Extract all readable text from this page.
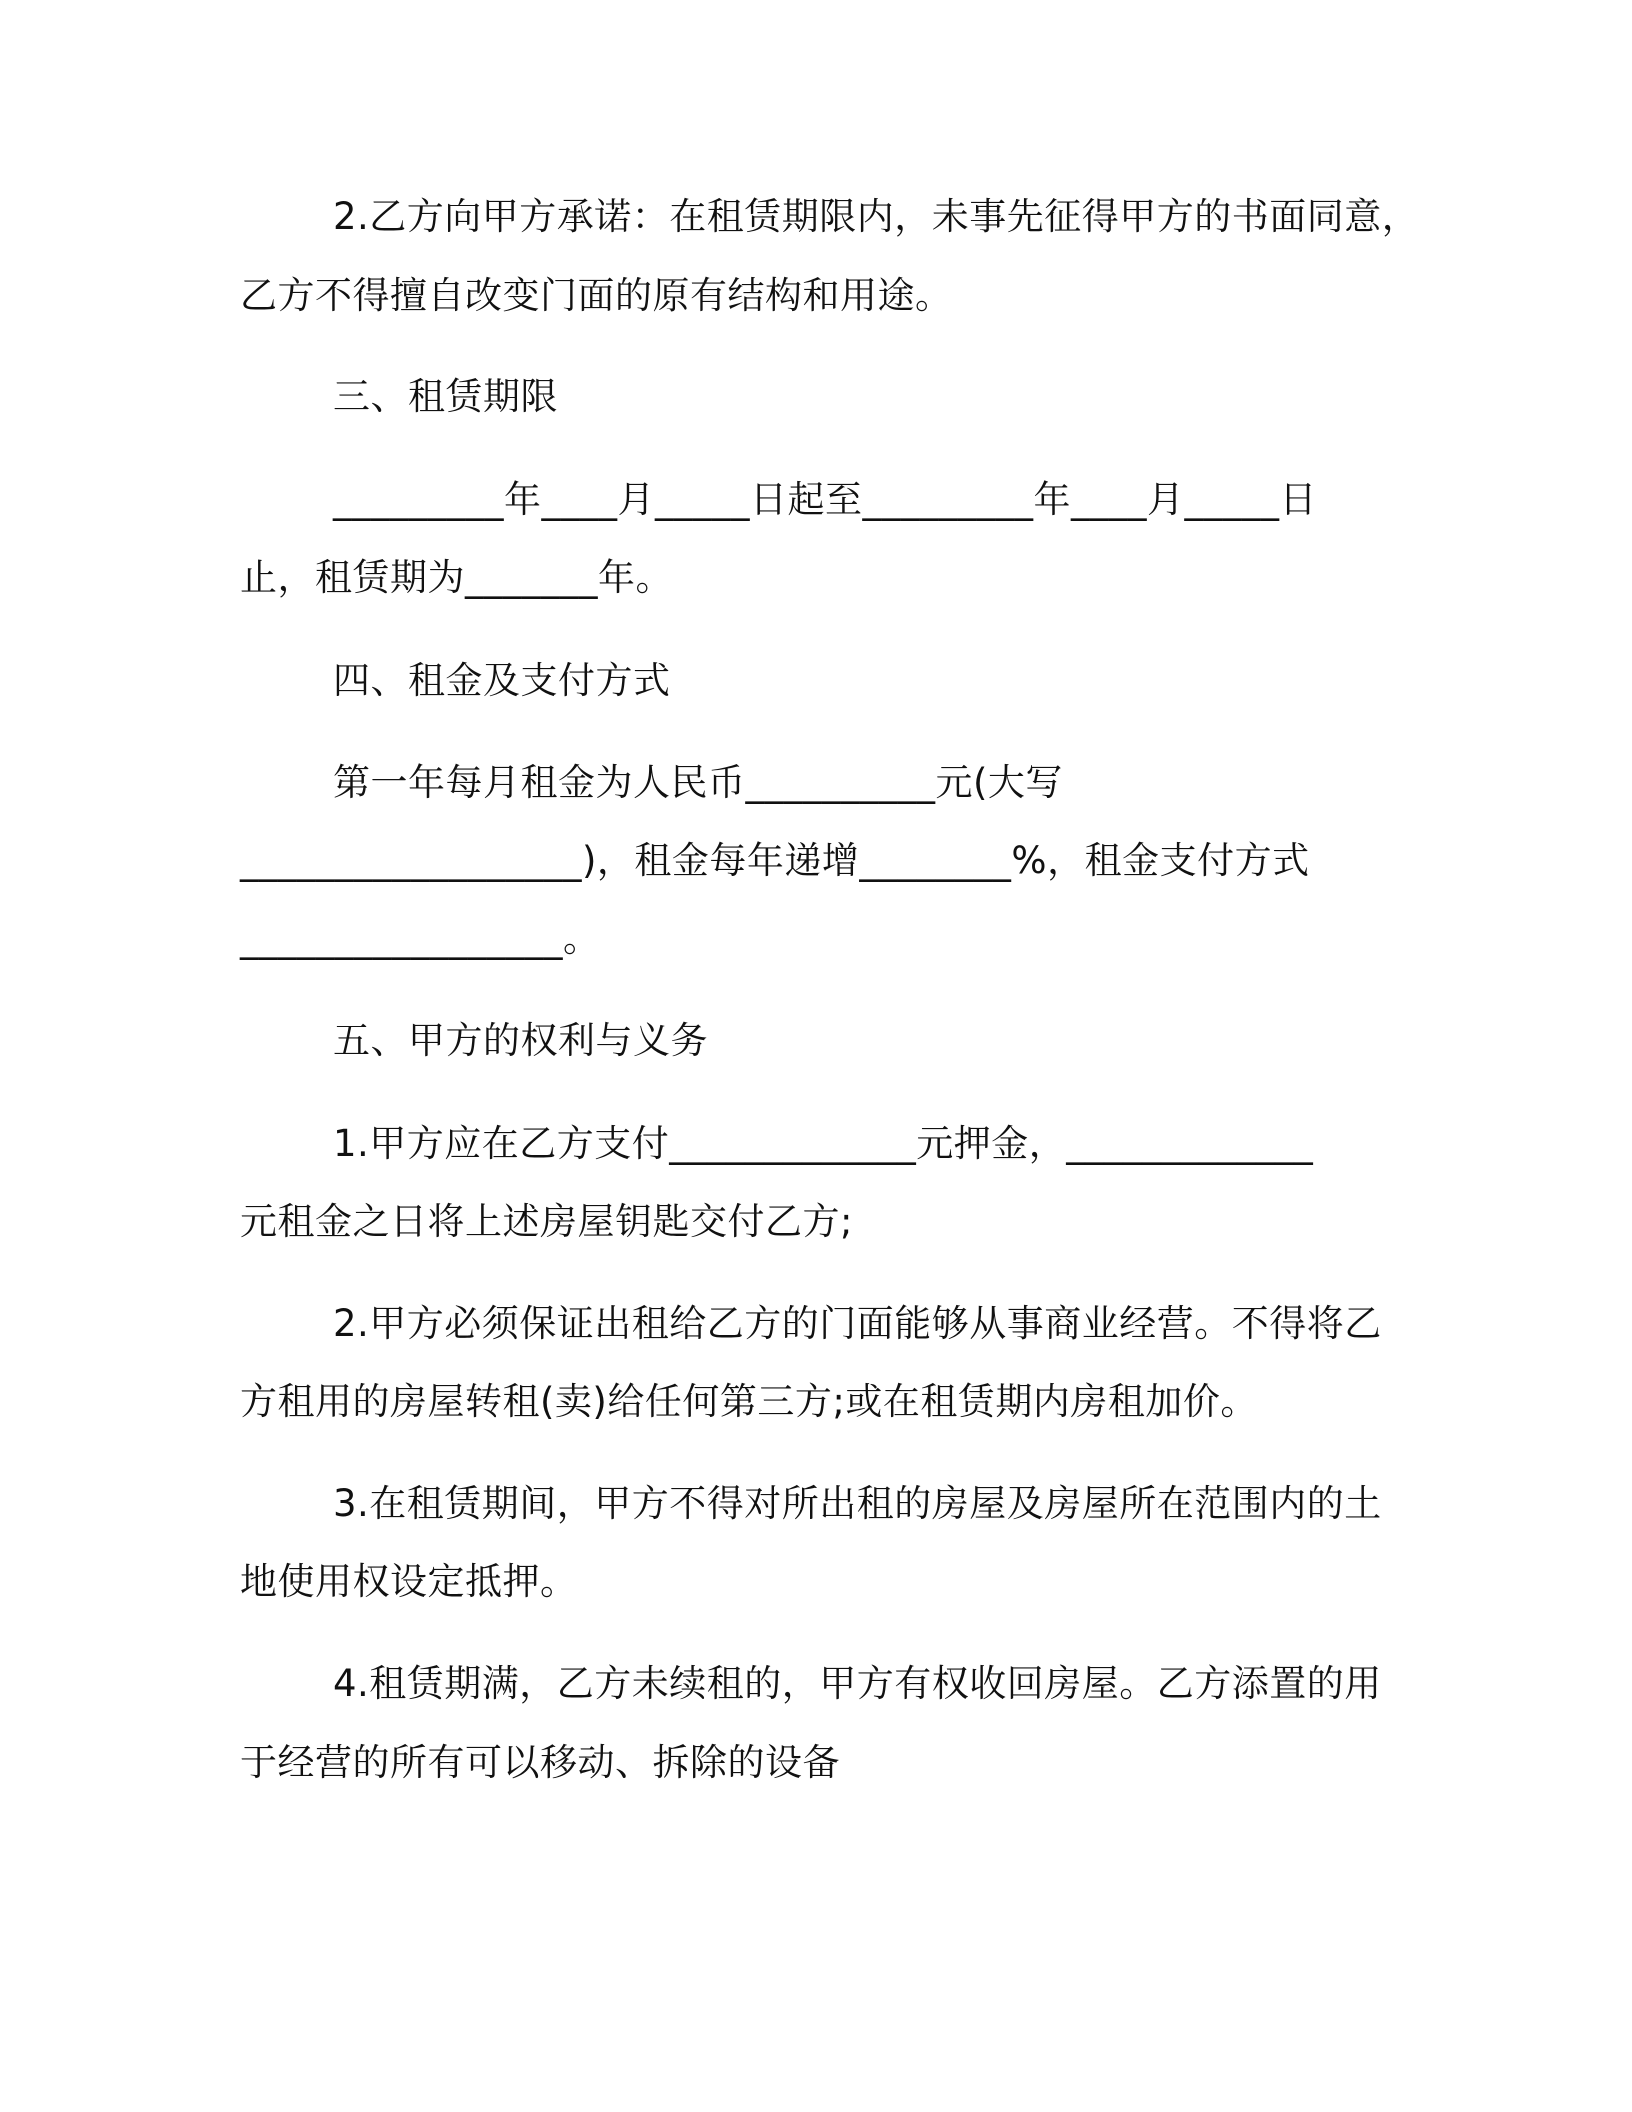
2.乙方向甲方承诺：在租赁期限内，未事先征得甲方的书面同意，
乙方不得擅自改变门面的原有结构和用途。
三、租赁期限
_________年____月_____日起至_________年____月_____日
止，租赁期为_______年。
四、租金及支付方式
第一年每月租金为人民币__________元(大写
__________________)，租金每年递增________%，租金支付方式
_________________。
五、甲方的权利与义务
1.甲方应在乙方支付_____________元押金，_____________
元租金之日将上述房屋钥匙交付乙方;
2.甲方必须保证出租给乙方的门面能够从事商业经营。不得将乙
方租用的房屋转租(卖)给任何第三方;或在租赁期内房租加价。
3.在租赁期间，甲方不得对所出租的房屋及房屋所在范围内的土
地使用权设定抵押。
4.租赁期满，乙方未续租的，甲方有权收回房屋。乙方添置的用
于经营的所有可以移动、拆除的设备
